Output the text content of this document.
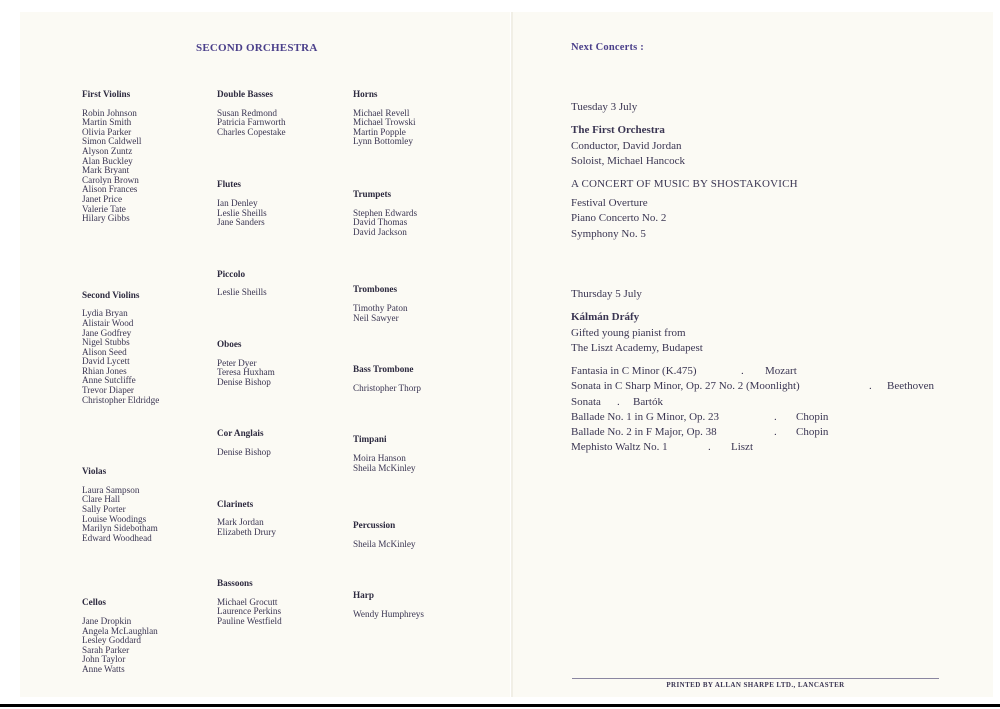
SECOND ORCHESTRA
First Violins
Robin Johnson
Martin Smith
Olivia Parker
Simon Caldwell
Alyson Zuntz
Alan Buckley
Mark Bryant
Carolyn Brown
Alison Frances
Janet Price
Valerie Tate
Hilary Gibbs
Second Violins
Lydia Bryan
Alistair Wood
Jane Godfrey
Nigel Stubbs
Alison Seed
David Lycett
Rhian Jones
Anne Sutcliffe
Trevor Diaper
Christopher Eldridge
Violas
Laura Sampson
Clare Hall
Sally Porter
Louise Woodings
Marilyn Sidebotham
Edward Woodhead
Cellos
Jane Dropkin
Angela McLaughlan
Lesley Goddard
Sarah Parker
John Taylor
Anne Watts
Double Basses
Susan Redmond
Patricia Farnworth
Charles Copestake
Flutes
Ian Denley
Leslie Sheills
Jane Sanders
Piccolo
Leslie Sheills
Oboes
Peter Dyer
Teresa Huxham
Denise Bishop
Cor Anglais
Denise Bishop
Clarinets
Mark Jordan
Elizabeth Drury
Bassoons
Michael Grocutt
Laurence Perkins
Pauline Westfield
Horns
Michael Revell
Michael Trowski
Martin Popple
Lynn Bottomley
Trumpets
Stephen Edwards
David Thomas
David Jackson
Trombones
Timothy Paton
Neil Sawyer
Bass Trombone
Christopher Thorp
Timpani
Moira Hanson
Sheila McKinley
Percussion
Sheila McKinley
Harp
Wendy Humphreys
Next Concerts :
Tuesday 3 July
The First Orchestra
Conductor, David Jordan
Soloist, Michael Hancock
A CONCERT OF MUSIC BY SHOSTAKOVICH
Festival Overture
Piano Concerto No. 2
Symphony No. 5
Thursday 5 July
Kálmán Dráfy
Gifted young pianist from
The Liszt Academy, Budapest
Fantasia in C Minor (K.475)	. Mozart
Sonata in C Sharp Minor, Op. 27 No. 2 (Moonlight)	. Beethoven
Sonata . Bartók
Ballade No. 1 in G Minor, Op. 23	. Chopin
Ballade No. 2 in F Major, Op. 38	. Chopin
Mephisto Waltz No. 1	. Liszt
PRINTED BY ALLAN SHARPE LTD., LANCASTER
